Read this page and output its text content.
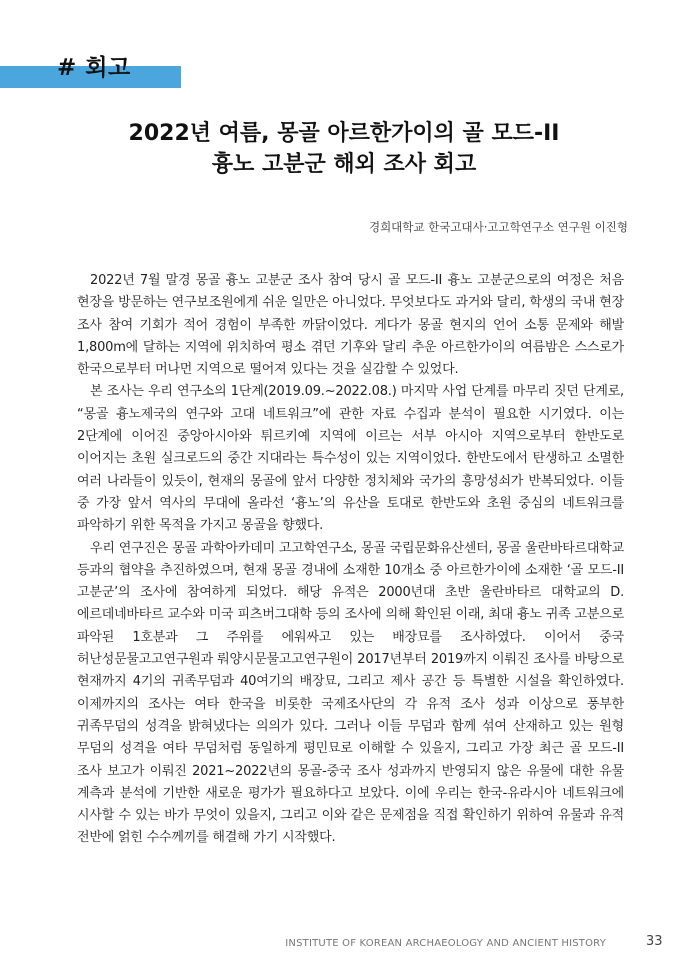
# 회고
2022년 여름, 몽골 아르한가이의 골 모드-II
흉노 고분군 해외 조사 회고
경희대학교 한국고대사·고고학연구소 연구원 이진형

2022년 7월 말경 몽골 흉노 고분군 조사 참여 당시 골 모드-II 흉노 고분군으로의 여정은 처음 현장을 방문하는 연구보조원에게 쉬운 일만은 아니었다. 무엇보다도 과거와 달리, 학생의 국내 현장 조사 참여 기회가 적어 경험이 부족한 까닭이었다. 게다가 몽골 현지의 언어 소통 문제와 해발 1,800m에 달하는 지역에 위치하여 평소 겪던 기후와 달리 추운 아르한가이의 여름밤은 스스로가 한국으로부터 머나먼 지역으로 떨어져 있다는 것을 실감할 수 있었다.

본 조사는 우리 연구소의 1단계(2019.09.~2022.08.) 마지막 사업 단계를 마무리 짓던 단계로, “몽골 흉노제국의 연구와 고대 네트워크”에 관한 자료 수집과 분석이 필요한 시기였다. 이는 2단계에 이어진 중앙아시아와 튀르키예 지역에 이르는 서부 아시아 지역으로부터 한반도로 이어지는 초원 실크로드의 중간 지대라는 특수성이 있는 지역이었다. 한반도에서 탄생하고 소멸한 여러 나라들이 있듯이, 현재의 몽골에 앞서 다양한 정치체와 국가의 흥망성쇠가 반복되었다. 이들 중 가장 앞서 역사의 무대에 올라선 ‘흉노’의 유산을 토대로 한반도와 초원 중심의 네트워크를 파악하기 위한 목적을 가지고 몽골을 향했다.

우리 연구진은 몽골 과학아카데미 고고학연구소, 몽골 국립문화유산센터, 몽골 울란바타르대학교 등과의 협약을 추진하였으며, 현재 몽골 경내에 소재한 10개소 중 아르한가이에 소재한 ‘골 모드-II 고분군’의 조사에 참여하게 되었다. 해당 유적은 2000년대 초반 울란바타르 대학교의 D. 에르데네바타르 교수와 미국 피츠버그대학 등의 조사에 의해 확인된 이래, 최대 흉노 귀족 고분으로 파악된 1호분과 그 주위를 에워싸고 있는 배장묘를 조사하였다. 이어서 중국 허난성문물고고연구원과 뤄양시문물고고연구원이 2017년부터 2019까지 이뤄진 조사를 바탕으로 현재까지 4기의 귀족무덤과 40여기의 배장묘, 그리고 제사 공간 등 특별한 시설을 확인하였다. 이제까지의 조사는 여타 한국을 비롯한 국제조사단의 각 유적 조사 성과 이상으로 풍부한 귀족무덤의 성격을 밝혀냈다는 의의가 있다. 그러나 이들 무덤과 함께 섞여 산재하고 있는 원형 무덤의 성격을 여타 무덤처럼 동일하게 평민묘로 이해할 수 있을지, 그리고 가장 최근 골 모드-II 조사 보고가 이뤄진 2021~2022년의 몽골-중국 조사 성과까지 반영되지 않은 유물에 대한 유물 계측과 분석에 기반한 새로운 평가가 필요하다고 보았다. 이에 우리는 한국-유라시아 네트워크에 시사할 수 있는 바가 무엇이 있을지, 그리고 이와 같은 문제점을 직접 확인하기 위하여 유물과 유적 전반에 얽힌 수수께끼를 해결해 가기 시작했다.

INSTITUTE OF KOREAN ARCHAEOLOGY AND ANCIENT HISTORY	33
